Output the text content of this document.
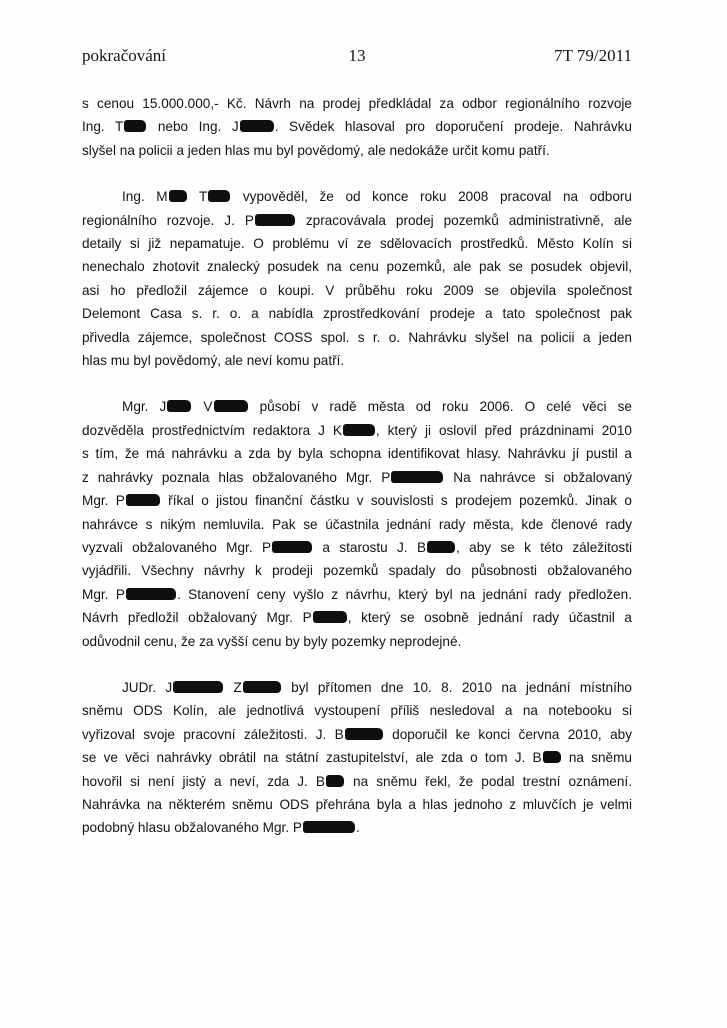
pokračování	13	7T 79/2011
s cenou 15.000.000,- Kč. Návrh na prodej předkládal za odbor regionálního rozvoje
Ing. T nebo Ing. J	. Svědek hlasoval pro doporučení prodeje. Nahrávku
slyšel na policii a jeden hlas mu byl povědomý, ale nedokáže určit komu patří.
Ing. M T vypověděl, že od konce roku 2008 pracoval na odboru
regionálního rozvoje. J. P	zpracovávala prodej pozemků administrativně, ale
detaily si již nepamatuje. O problému ví ze sdělovacích prostředků. Město Kolín si
nenechalo zhotovit znalecký posudek na cenu pozemků, ale pak se posudek objevil,
asi ho předložil zájemce o koupi. V průběhu roku 2009 se objevila společnost
Delemont Casa s. r. o. a nabídla zprostředkování prodeje a tato společnost pak
přivedla zájemce, společnost COSS spol. s r. o. Nahrávku slyšel na policii a jeden
hlas mu byl povědomý, ale neví komu patří.
Mgr. J V	působí v radě města od roku 2006. O celé věci se
dozvěděla prostřednictvím redaktora J K	, který ji oslovil před prázdninami 2010
s tím, že má nahrávku a zda by byla schopna identifikovat hlasy. Nahrávku jí pustil a
z nahrávky poznala hlas obžalovaného Mgr. P	Na nahrávce si obžalovaný
Mgr. P	říkal o jistou finanční částku v souvislosti s prodejem pozemků. Jinak o
nahrávce s nikým nemluvila. Pak se účastnila jednání rady města, kde členové rady
vyzvali obžalovaného Mgr. P	a starostu J. B , aby se k této záležitosti
vyjádřili. Všechny návrhy k prodeji pozemků spadaly do působnosti obžalovaného
Mgr. P	. Stanovení ceny vyšlo z návrhu, který byl na jednání rady předložen.
Návrh předložil obžalovaný Mgr. P	, který se osobně jednání rady účastnil a
odůvodnil cenu, že za vyšší cenu by byly pozemky neprodejné.
JUDr. J	Z	byl přítomen dne 10. 8. 2010 na jednání místního
sněmu ODS Kolín, ale jednotlivá vystoupení příliš nesledoval a na notebooku si
vyřizoval svoje pracovní záležitosti. J. B	doporučil ke konci června 2010, aby
se ve věci nahrávky obrátil na státní zastupitelství, ale zda o tom J. B na sněmu
hovořil si není jistý a neví, zda J. B na sněmu řekl, že podal trestní oznámení.
Nahrávka na některém sněmu ODS přehrána byla a hlas jednoho z mluvčích je velmi
podobný hlasu obžalovaného Mgr. P	.
